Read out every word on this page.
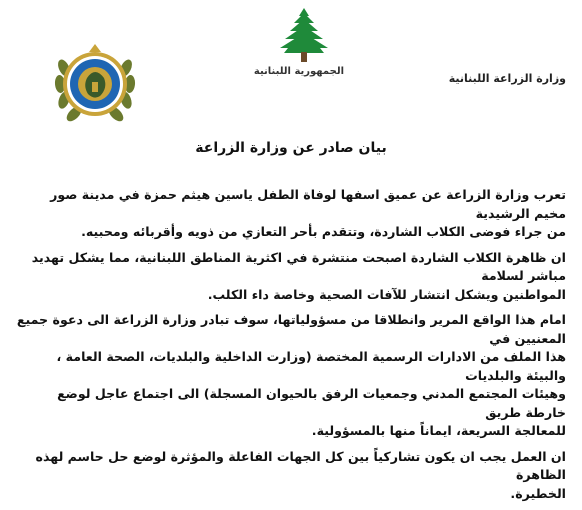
الجمهورية اللبنانية
وزارة الزراعة اللبنانية
بيان صادر عن وزارة الزراعة

تعرب وزارة الزراعة عن عميق اسفها لوفاة الطفل ياسين هيثم حمزة في مدينة صور مخيم الرشيدية
من جراء فوضى الكلاب الشاردة، وتتقدم بأحر التعازي من ذويه وأقربائه ومحبيه.

ان ظاهرة الكلاب الشاردة اصبحت منتشرة في اكثرية المناطق اللبنانية، مما يشكل تهديد مباشر لسلامة
المواطنين ويشكل انتشار للآفات الصحية وخاصة داء الكلب.

امام هذا الواقع المرير وانطلاقا من مسؤولياتها، سوف تبادر وزارة الزراعة الى دعوة جميع المعنيين في
هذا الملف من الادارات الرسمية المختصة (وزارت الداخلية والبلديات، الصحة العامة ، والبيئة والبلديات
وهيئات المجتمع المدني وجمعيات الرفق بالحيوان المسجلة) الى اجتماع عاجل لوضع خارطة طريق
للمعالجة السريعة، ايماناً منها بالمسؤولية.

ان العمل يجب ان يكون تشاركياً بين كل الجهات الفاعلة والمؤثرة لوضع حل حاسم لهذه الظاهرة
الخطيرة.
